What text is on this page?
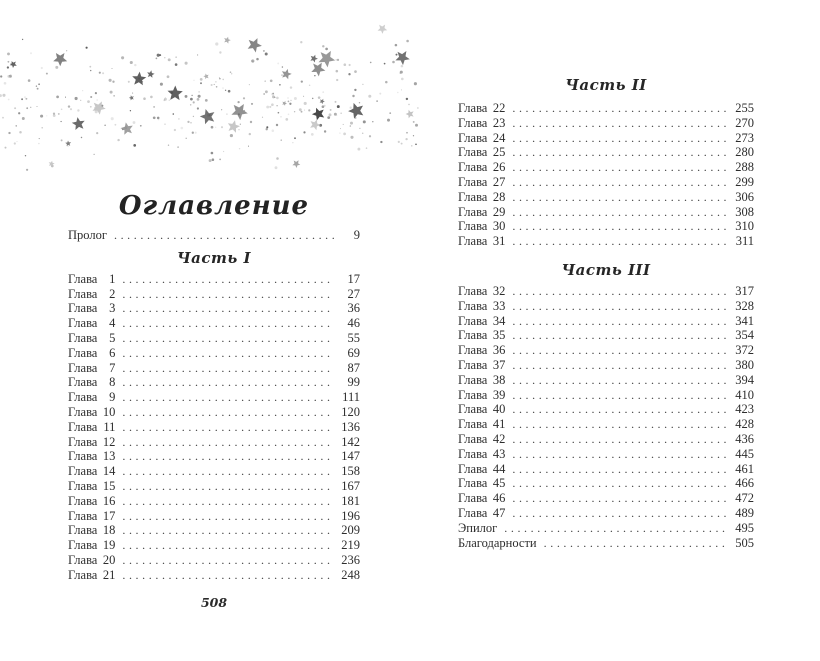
Оглавление
Пролог .....	9
Часть I
Глава 1 .....	17
Глава 2 .....	27
Глава 3 .....	36
Глава 4 .....	46
Глава 5 .....	55
Глава 6 .....	69
Глава 7 .....	87
Глава 8 .....	99
Глава 9 .....	111
Глава 10 .....	120
Глава 11 .....	136
Глава 12 .....	142
Глава 13 .....	147
Глава 14 .....	158
Глава 15 .....	167
Глава 16 .....	181
Глава 17 .....	196
Глава 18 .....	209
Глава 19 .....	219
Глава 20 .....	236
Глава 21 .....	248
508
Часть II
Глава 22 .....	255
Глава 23 .....	270
Глава 24 .....	273
Глава 25 .....	280
Глава 26 .....	288
Глава 27 .....	299
Глава 28 .....	306
Глава 29 .....	308
Глава 30 .....	310
Глава 31 .....	311
Часть III
Глава 32 .....	317
Глава 33 .....	328
Глава 34 .....	341
Глава 35 .....	354
Глава 36 .....	372
Глава 37 .....	380
Глава 38 .....	394
Глава 39 .....	410
Глава 40 .....	423
Глава 41 .....	428
Глава 42 .....	436
Глава 43 .....	445
Глава 44 .....	461
Глава 45 .....	466
Глава 46 .....	472
Глава 47 .....	489
Эпилог .....	495
Благодарности .....	505
